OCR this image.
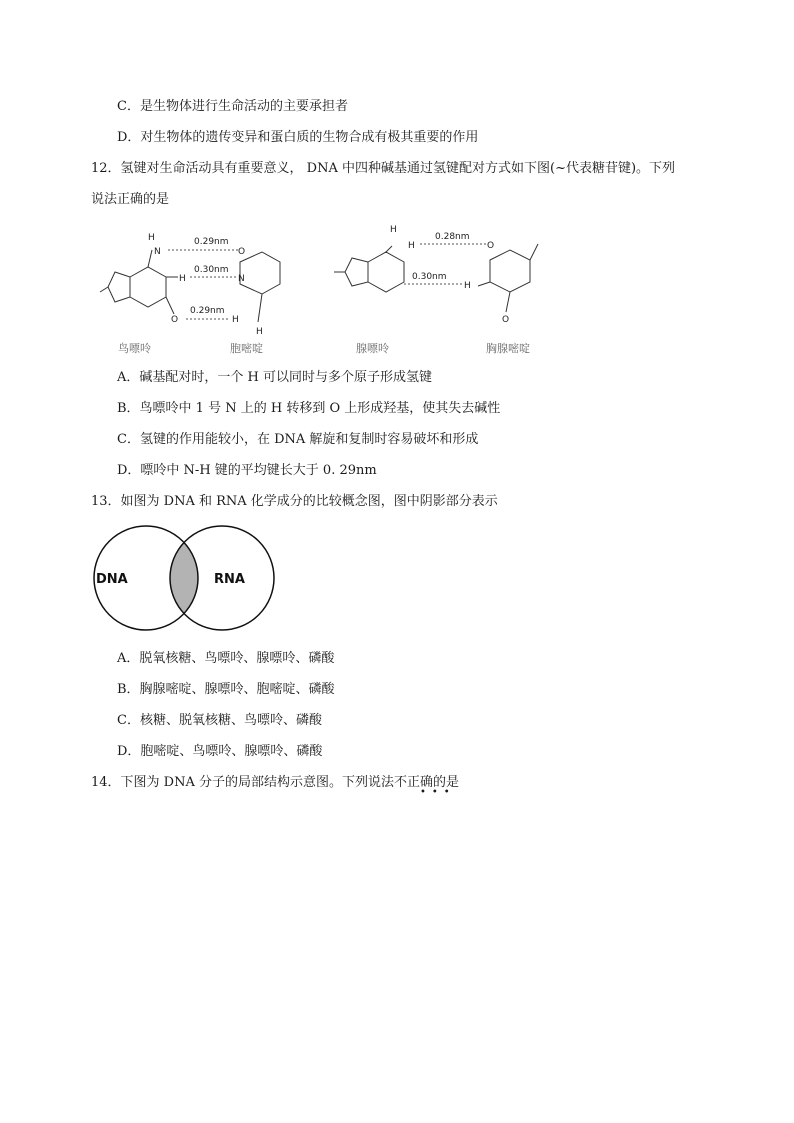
C．是生物体进行生命活动的主要承担者
D．对生物体的遗传变异和蛋白质的生物合成有极其重要的作用
12．氢键对生命活动具有重要意义， DNA 中四种碱基通过氢键配对方式如下图(~代表糖苷键)。下列
说法正确的是
0.29nm
0.30nm
0.29nm
0.28nm
0.30nm
H
N
H
O
O
N
H
H
H
H	O
H
O
鸟嘌呤	胞嘧啶	腺嘌呤	胸腺嘧啶
A．碱基配对时，一个 H 可以同时与多个原子形成氢键
B．鸟嘌呤中 1 号 N 上的 H 转移到 O 上形成羟基，使其失去碱性
C．氢键的作用能较小，在 DNA 解旋和复制时容易破坏和形成
D．嘌呤中 N-H 键的平均键长大于 0. 29nm
13．如图为 DNA 和 RNA 化学成分的比较概念图，图中阴影部分表示
DNA	RNA
A．脱氧核糖、鸟嘌呤、腺嘌呤、磷酸
B．胸腺嘧啶、腺嘌呤、胞嘧啶、磷酸
C．核糖、脱氧核糖、鸟嘌呤、磷酸
D．胞嘧啶、鸟嘌呤、腺嘌呤、磷酸
14．下图为 DNA 分子的局部结构示意图。下列说法不正确的是
•••
